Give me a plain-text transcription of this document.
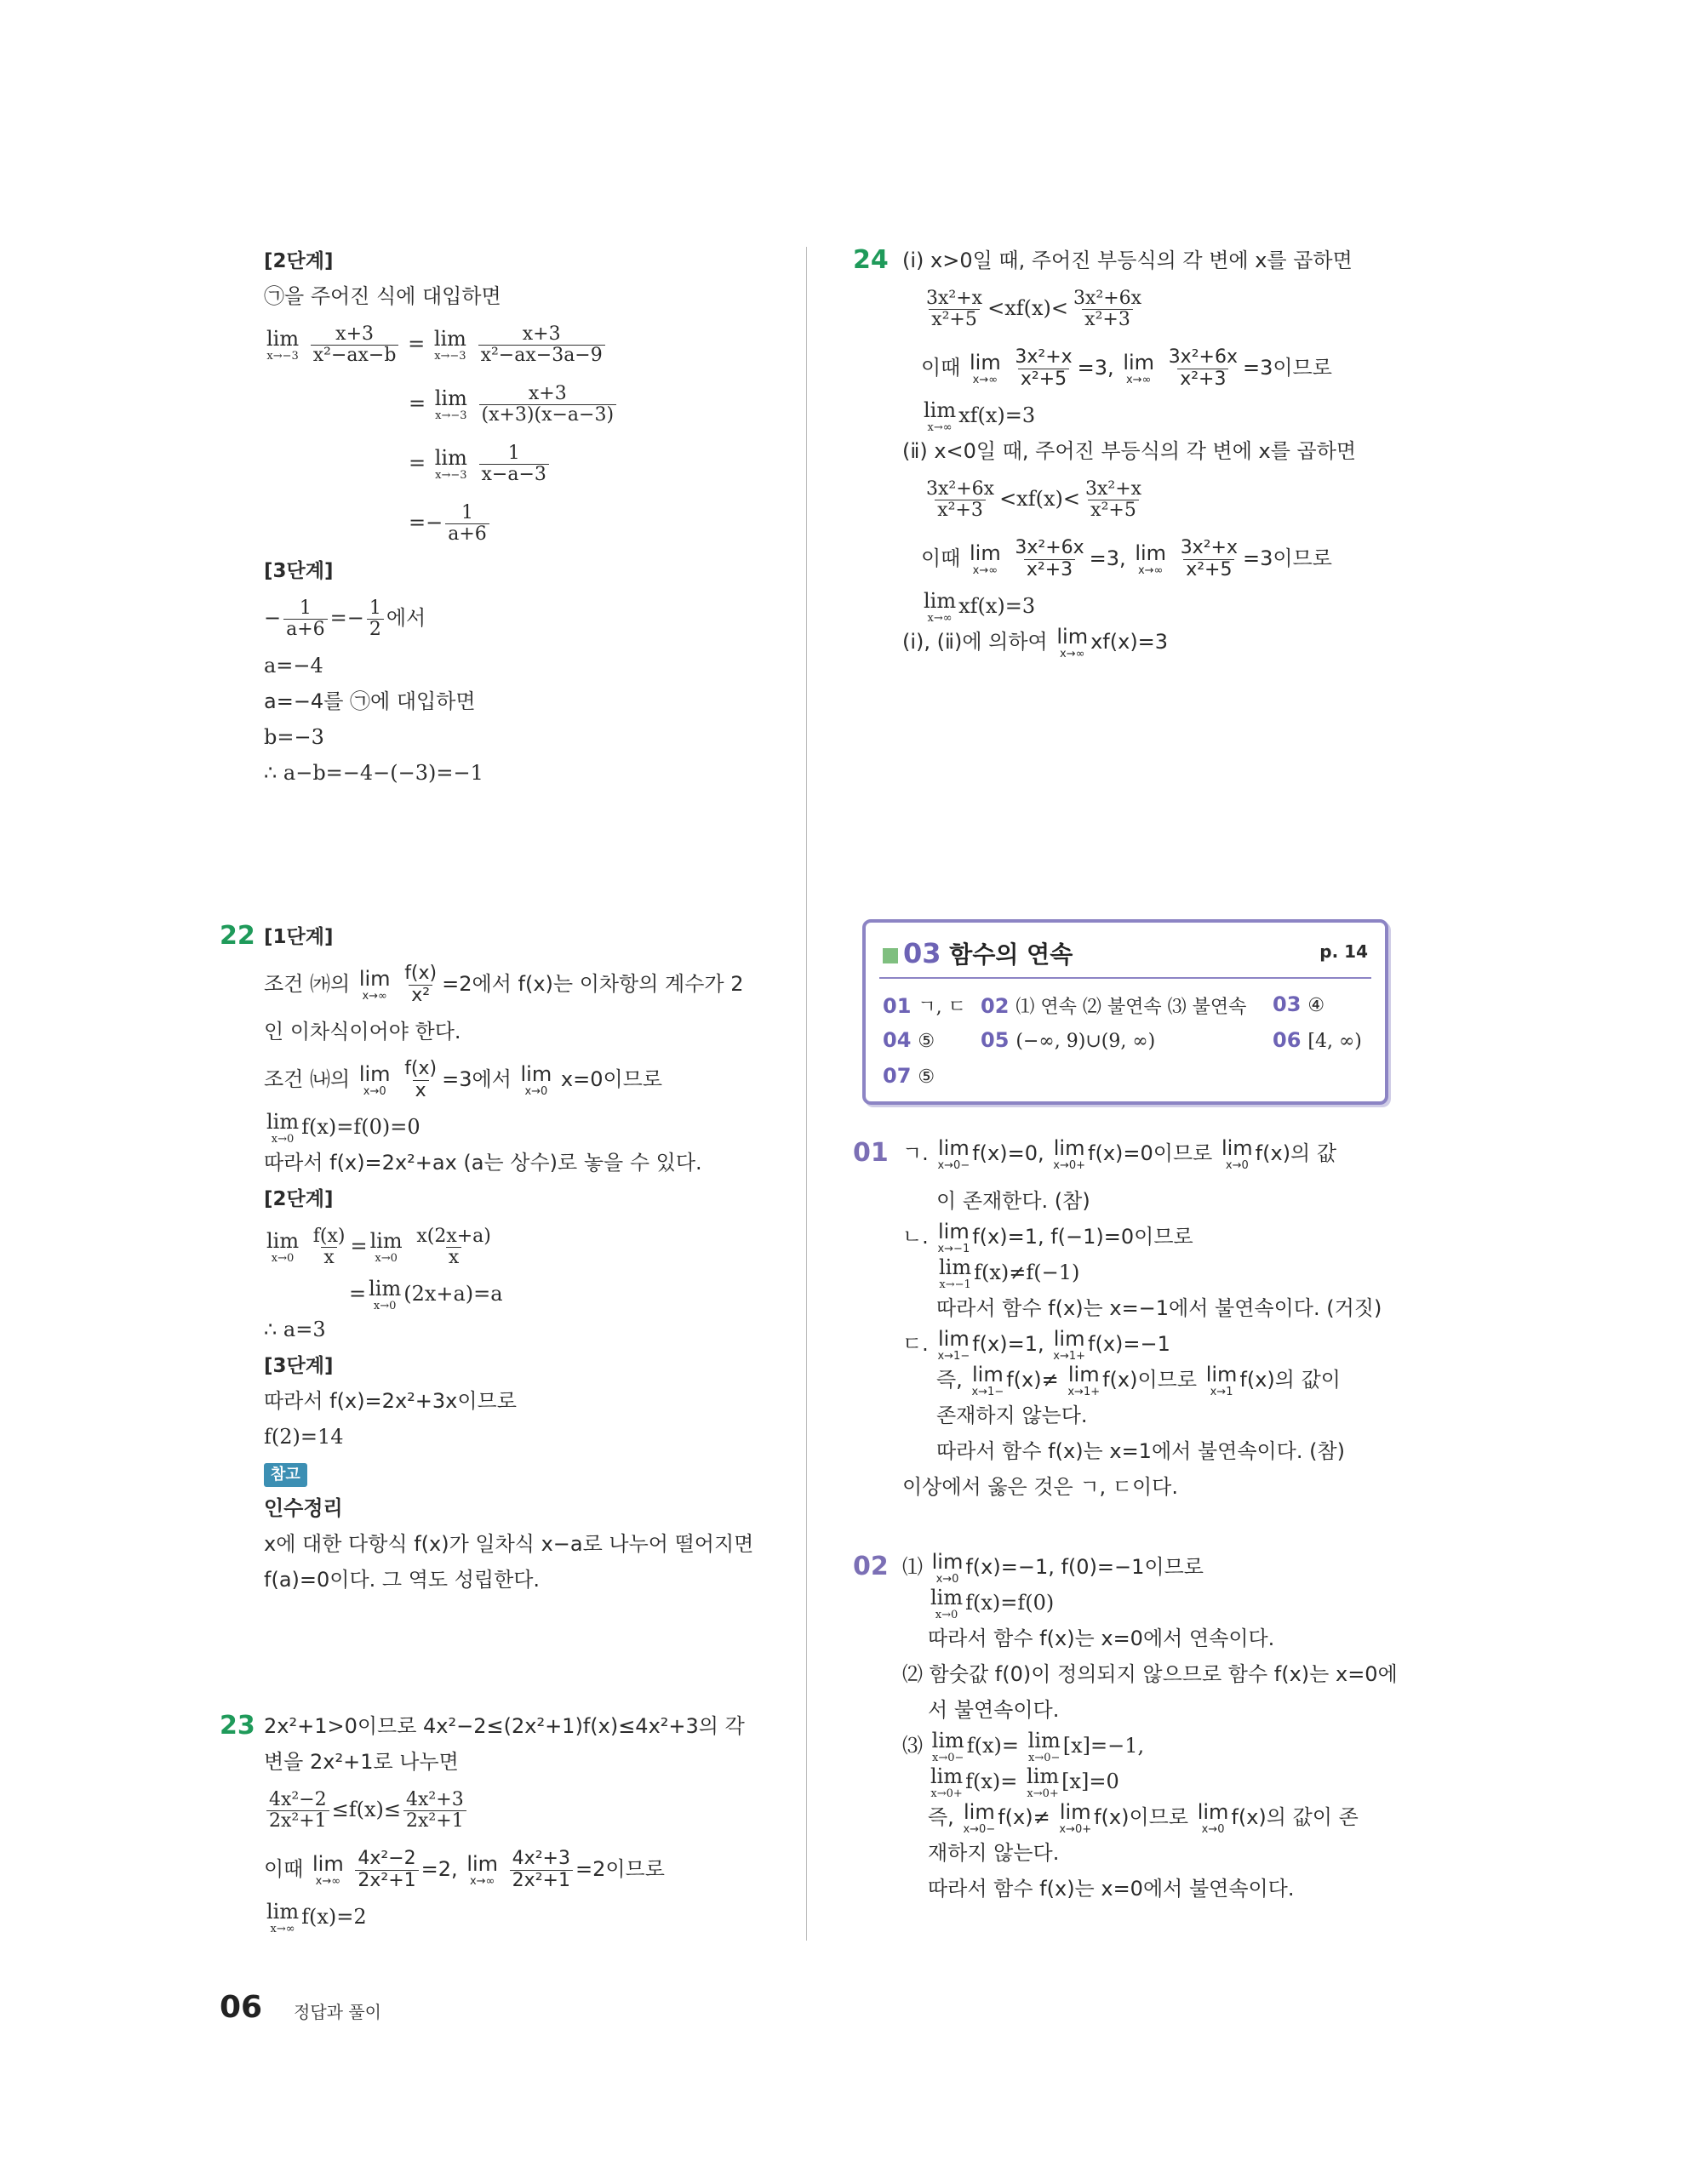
[2단계]
㉠을 주어진 식에 대입하면
lim
x→−3
$\frac{x+3}{\text{x²−ax−b}} = \lim$
x→−3
$\frac{x+3}{\text{x²−ax−3a−9}}$
= lim
x→−3
$\frac{x+3}{(x+3)(x-a-3)}$
= lim
x→−3
$\frac{1}{x-a-3}$
=− $\frac{1}{a+6}$
[3단계]
− $\frac{1}{a+6} =- \frac{1}{2}$ 에서
a=−4
a=−4를 ㉠에 대입하면
b=−3
∴ a−b=−4−(−3)=−1
22 [1단계]
조건 ㈎의 lim
x→∞
$\frac{f(x)}{\text{x²}} =2$에서 f(x)는 이차항의 계수가 2
인 이차식이어야 한다.
조건 ㈏의 lim
x→0
$\frac{f(x)}{x} =3$에서 lim
x→0 x=0이므로
lim
x→0
f(x)=f(0)=0
따라서 f(x)=2x²+ax (a는 상수)로 놓을 수 있다.
[2단계]
lim
x→0
$\frac{f(x)}{x} = \lim$
x→0
$\frac{x(2x+a)}{x}$
= lim
x→0
(2x+a)=a
∴ a=3
[3단계]
따라서 f(x)=2x²+3x이므로
f(2)=14
참고
인수정리
x에 대한 다항식 f(x)가 일차식 x−a로 나누어 떨어지면
f(a)=0이다. 그 역도 성립한다.
23 2x²+1>0이므로 4x²−2≤(2x²+1)f(x)≤4x²+3의 각
변을 2x²+1로 나누면
$\frac{\text{4x²−2}}{\text{2x²+1}} \le f(x)\le \frac{\text{4x²+3}}{\text{2x²+1}}$
이때 lim
x→∞
$\frac{\text{4x²−2}}{\text{2x²+1}} =2$, lim
x→∞
$\frac{\text{4x²+3}}{\text{2x²+1}} =2$이므로
lim
x→∞
f(x)=2
24 (ⅰ) x>0일 때, 주어진 부등식의 각 변에 x를 곱하면
$\frac{\text{3x²+x}}{\text{x²+5}} <xf(x)< \frac{\text{3x²+6x}}{\text{x²+3}}$
이때 lim
x→∞
$\frac{\text{3x²+x}}{\text{x²+5}} =3$, lim
x→∞
$\frac{\text{3x²+6x}}{\text{x²+3}} =3$이므로
lim
x→∞
xf(x)=3
(ⅱ) x<0일 때, 주어진 부등식의 각 변에 x를 곱하면
$\frac{\text{3x²+6x}}{\text{x²+3}} <xf(x)< \frac{\text{3x²+x}}{\text{x²+5}}$
이때 lim
x→∞
$\frac{\text{3x²+6x}}{\text{x²+3}} =3$, lim
x→∞
$\frac{\text{3x²+x}}{\text{x²+5}} =3$이므로
lim
x→∞
xf(x)=3
(ⅰ), (ⅱ)에 의하여 lim
x→∞ xf(x)=3
03 함수의 연속	p. 14
01 ㄱ, ㄷ 02 ⑴ 연속 ⑵ 불연속 ⑶ 불연속 03 ④
04 ⑤ 05 (−∞, 9)∪(9, ∞)	06 [4, ∞)
07 ⑤
01 ㄱ. lim
x→0− f(x)=0, lim
x→0+ f(x)=0이므로 lim
x→0 f(x)의 값
이 존재한다. (참)
ㄴ. lim
x→−1 f(x)=1, f(−1)=0이므로
lim
x→−1
f(x)≠f(−1)
따라서 함수 f(x)는 x=−1에서 불연속이다. (거짓)
ㄷ. lim
x→1− f(x)=1, lim
x→1+ f(x)=−1
즉, lim
x→1− f(x)≠ lim
x→1+ f(x)이므로 lim
x→1 f(x)의 값이
존재하지 않는다.
따라서 함수 f(x)는 x=1에서 불연속이다. (참)
이상에서 옳은 것은 ㄱ, ㄷ이다.
02 ⑴ lim
x→0 f(x)=−1, f(0)=−1이므로
lim
x→0
f(x)=f(0)
따라서 함수 f(x)는 x=0에서 연속이다.
⑵ 함숫값 f(0)이 정의되지 않으므로 함수 f(x)는 x=0에
서 불연속이다.
⑶ lim
x→0−
f(x)= lim
x→0−
[x]=−1,
lim
x→0+
f(x)= lim
x→0+
[x]=0
즉, lim
x→0− f(x)≠ lim
x→0+ f(x)이므로 lim
x→0 f(x)의 값이 존
재하지 않는다.
따라서 함수 f(x)는 x=0에서 불연속이다.
06 정답과 풀이
